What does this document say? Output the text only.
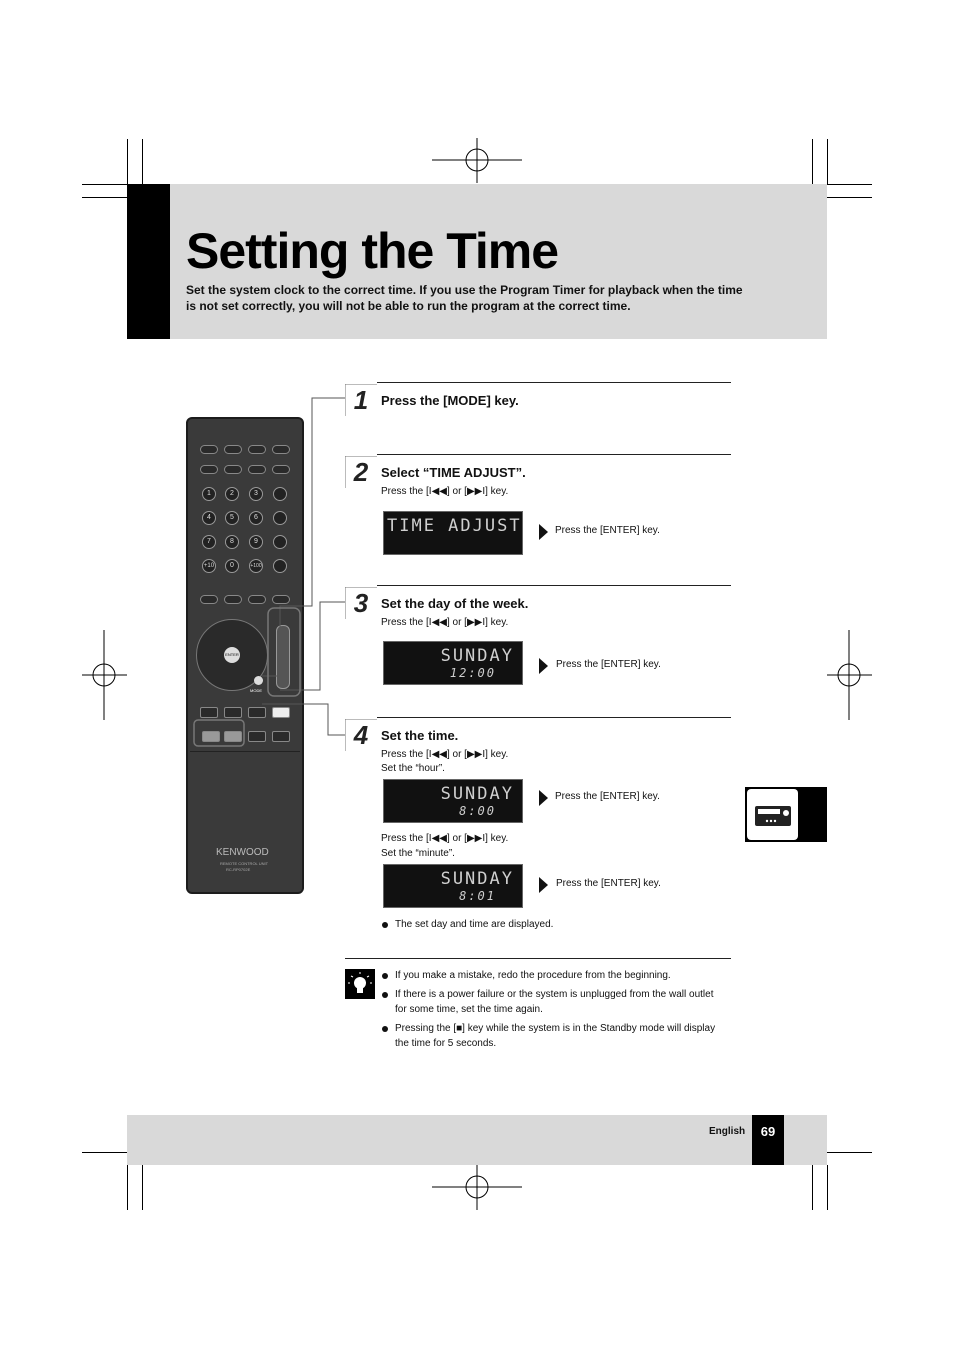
Setting the Time
Set the system clock to the correct time. If you use the Program Timer for playback when the time
is not set correctly, you will not be able to run the program at the correct time.
1	2	3
4	5	6
7	8	9
+10	0	+100
ENTER
MODE
KENWOOD
REMOTE CONTROL UNIT
RC-RP0702E
1 Press the [MODE] key.
2 Select “TIME ADJUST”.
Press the [I◀◀] or [▶▶I] key.
TIME ADJUST	Press the [ENTER] key.
3 Set the day of the week.
Press the [I◀◀] or [▶▶I] key.
SUNDAY
12:00
Press the [ENTER] key.
4 Set the time.
Press the [I◀◀] or [▶▶I] key.
Set the “hour”.
SUNDAY
8:00
Press the [ENTER] key.
Press the [I◀◀] or [▶▶I] key.
Set the “minute”.
SUNDAY
8:01
Press the [ENTER] key.
The set day and time are displayed.
If you make a mistake, redo the procedure from the beginning.
If there is a power failure or the system is unplugged from the wall outlet for some time, set the time again.
Pressing the [■] key while the system is in the Standby mode will display the time for 5 seconds.
English	69
